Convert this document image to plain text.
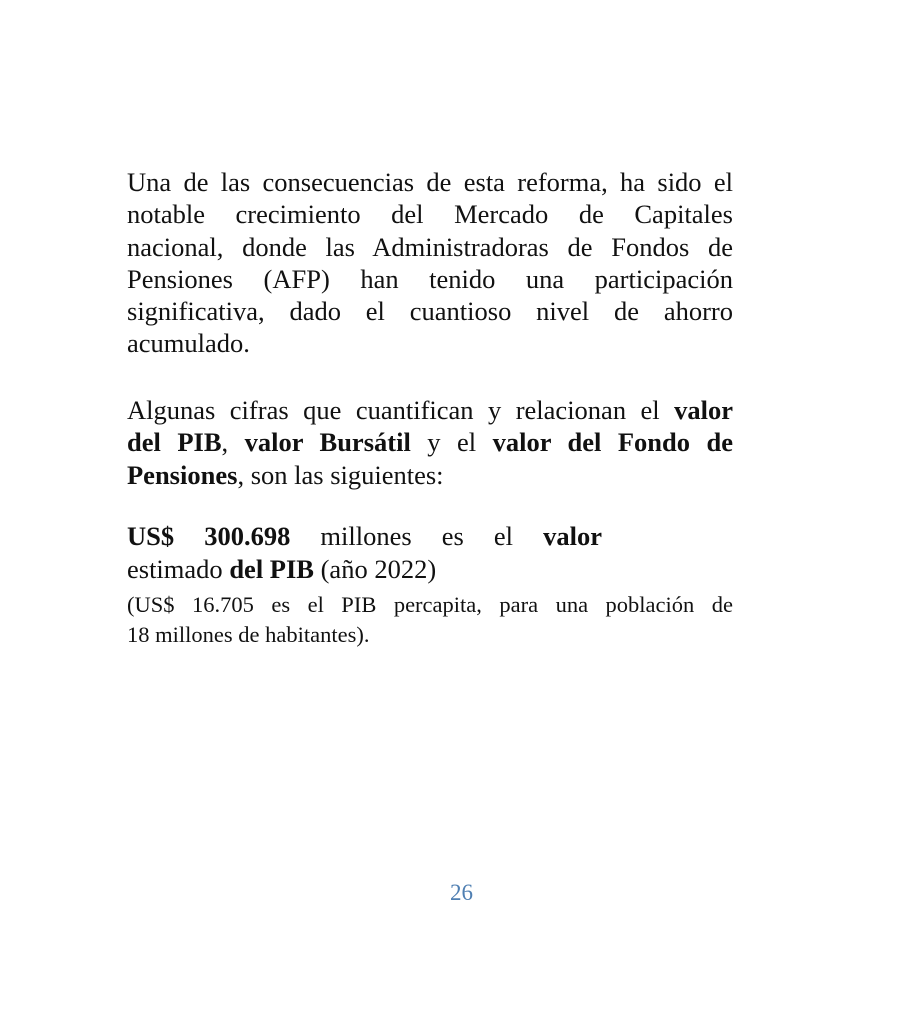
Una de las consecuencias de esta reforma, ha sido el
notable crecimiento del Mercado de Capitales
nacional, donde las Administradoras de Fondos de
Pensiones (AFP) han tenido una participación
significativa, dado el cuantioso nivel de ahorro
acumulado.
Algunas cifras que cuantifican y relacionan el valor
del PIB, valor Bursátil y el valor del Fondo de
Pensiones, son las siguientes:
US$ 300.698 millones es el valor
estimado del PIB (año 2022)
(US$ 16.705 es el PIB percapita, para una población de
18 millones de habitantes).
26
